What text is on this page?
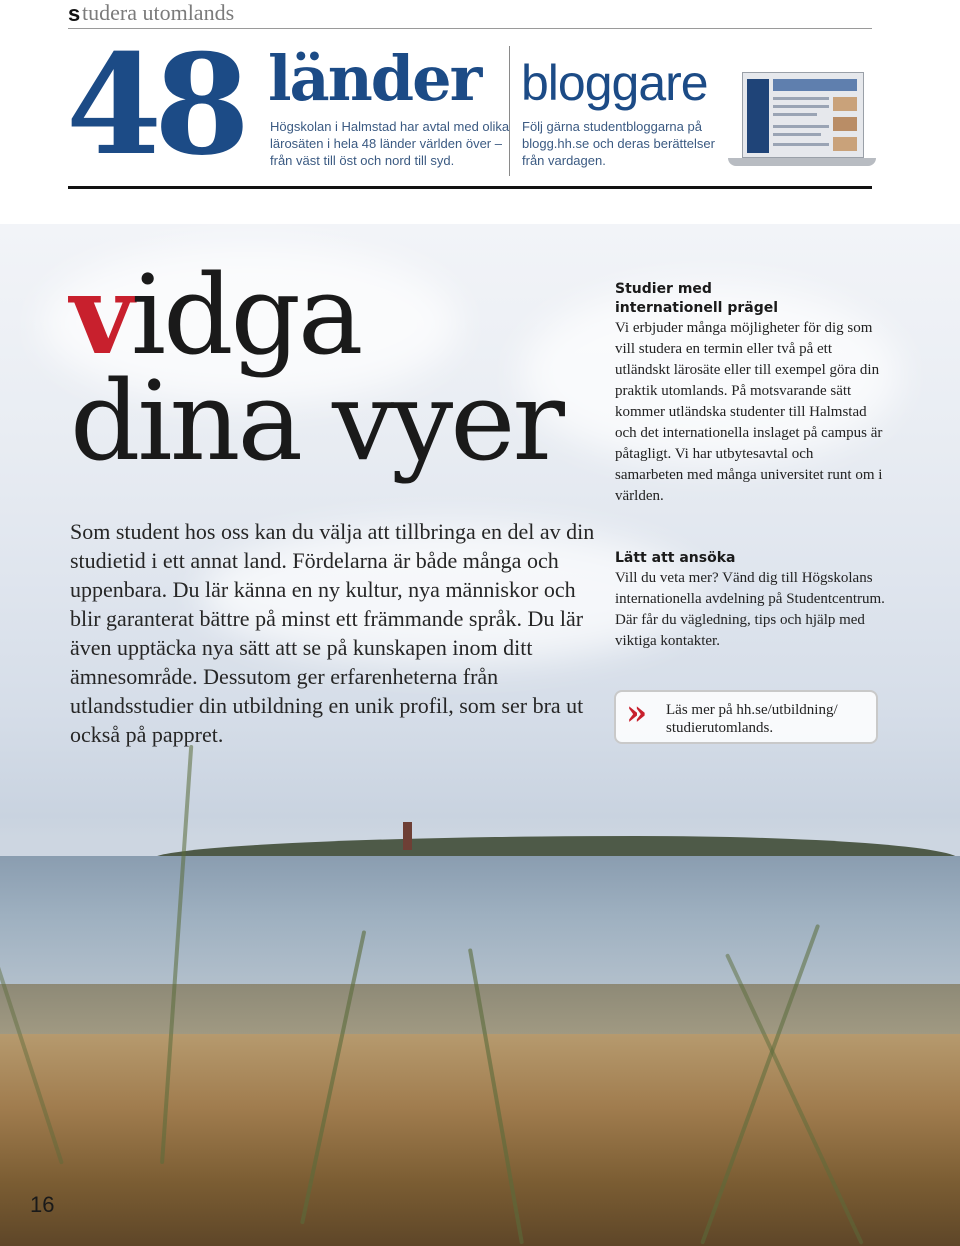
s tudera utomlands
48 länder
Högskolan i Halmstad har avtal med olika lärosäten i hela 48 länder världen över – från väst till öst och nord till syd.
bloggare
Följ gärna studentbloggarna på blogg.hh.se och deras berättelser från vardagen.
vidga
dina vyer
Som student hos oss kan du välja att tillbringa en del av din studietid i ett annat land. Fördelarna är både många och uppenbara. Du lär känna en ny kultur, nya människor och blir garanterat bättre på minst ett främmande språk. Du lär även upptäcka nya sätt att se på kunskapen inom ditt ämnesområde. Dessutom ger erfarenheterna från utlandsstudier din utbildning en unik profil, som ser bra ut också på pappret.
Studier med
internationell prägel
Vi erbjuder många möjligheter för dig som vill studera en termin eller två på ett utländskt lärosäte eller till exempel göra din praktik utomlands. På motsvarande sätt kommer utländska studenter till Halmstad och det internationella inslaget på campus är påtagligt. Vi har utbytesavtal och samarbeten med många universitet runt om i världen.
Lätt att ansöka
Vill du veta mer? Vänd dig till Högskolans internationella avdelning på Studentcentrum. Där får du vägledning, tips och hjälp med viktiga kontakter.
» Läs mer på hh.se/utbildning/ studierutomlands.
16
